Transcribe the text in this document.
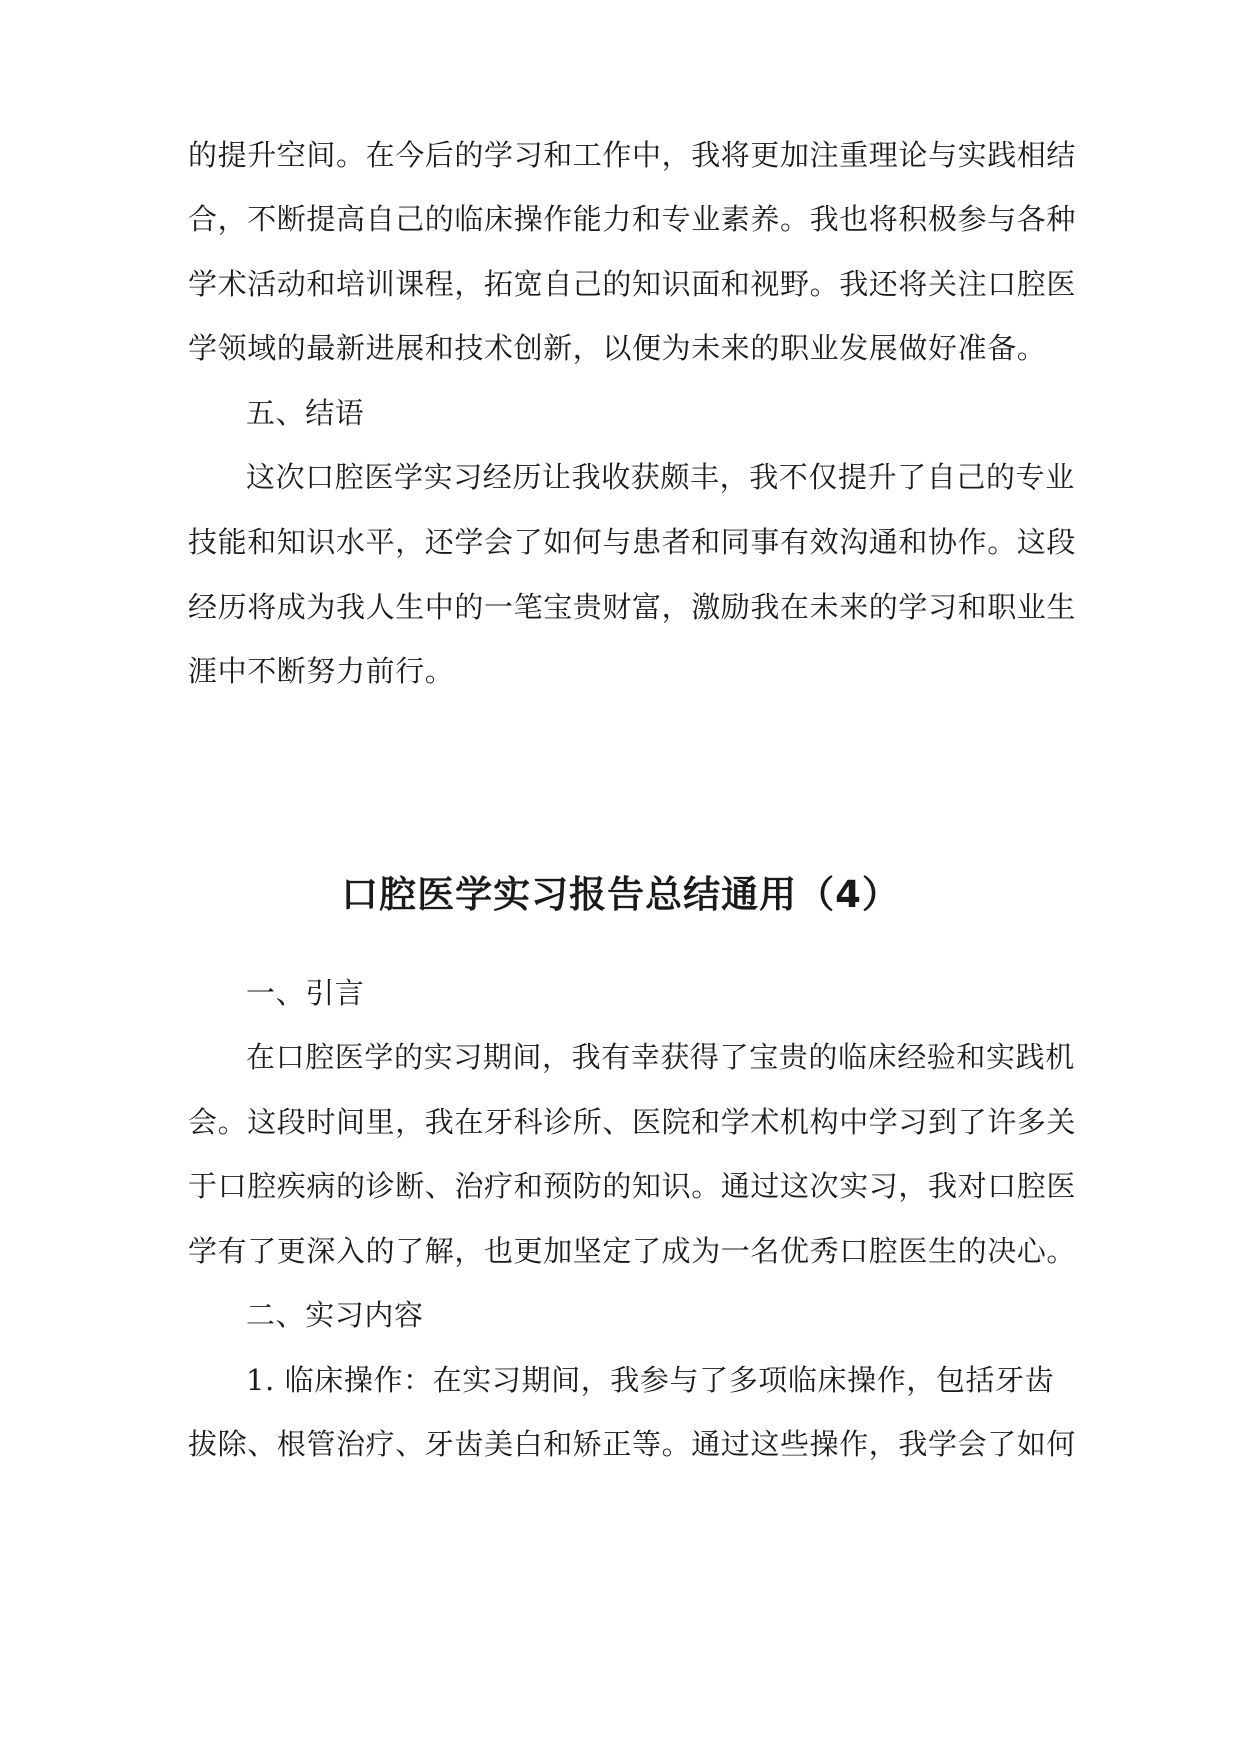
的提升空间。在今后的学习和工作中，我将更加注重理论与实践相结
合，不断提高自己的临床操作能力和专业素养。我也将积极参与各种
学术活动和培训课程，拓宽自己的知识面和视野。我还将关注口腔医
学领域的最新进展和技术创新，以便为未来的职业发展做好准备。
五、结语
这次口腔医学实习经历让我收获颇丰，我不仅提升了自己的专业
技能和知识水平，还学会了如何与患者和同事有效沟通和协作。这段
经历将成为我人生中的一笔宝贵财富，激励我在未来的学习和职业生
涯中不断努力前行。
口腔医学实习报告总结通用（4）
一、引言
在口腔医学的实习期间，我有幸获得了宝贵的临床经验和实践机
会。这段时间里，我在牙科诊所、医院和学术机构中学习到了许多关
于口腔疾病的诊断、治疗和预防的知识。通过这次实习，我对口腔医
学有了更深入的了解，也更加坚定了成为一名优秀口腔医生的决心。
二、实习内容
1. 临床操作：在实习期间，我参与了多项临床操作，包括牙齿
拔除、根管治疗、牙齿美白和矫正等。通过这些操作，我学会了如何
